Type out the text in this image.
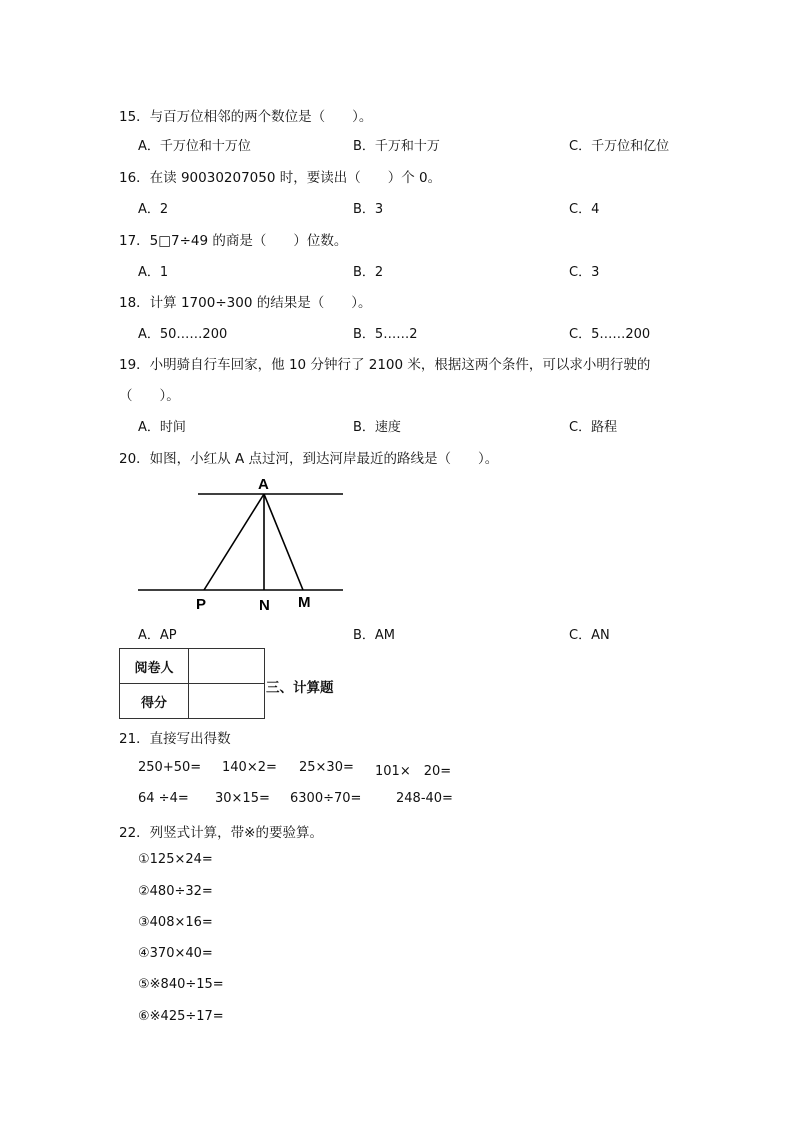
15．与百万位相邻的两个数位是（　　）。
A．千万位和十万位	B．千万和十万	C．千万位和亿位
16．在读 90030207050 时，要读出（　　）个 0。
A．2	B．3	C．4
17．5□7÷49 的商是（　　）位数。
A．1	B．2	C．3
18．计算 1700÷300 的结果是（　　）。
A．50……200	B．5……2	C．5……200
19．小明骑自行车回家，他 10 分钟行了 2100 米，根据这两个条件，可以求小明行驶的
（　　）。
A．时间	B．速度	C．路程
20．如图，小红从 A 点过河，到达河岸最近的路线是（　　）。
A
P	N M
A．AP	B．AM	C．AN
阅卷人	
得分	
三、计算题
21．直接写出得数
250+50= 140×2= 25×30= 101×　20=
64 ÷4= 30×15= 6300÷70=	248-40=
22．列竖式计算，带※的要验算。
①125×24=
②480÷32=
③408×16=
④370×40=
⑤※840÷15=
⑥※425÷17=
